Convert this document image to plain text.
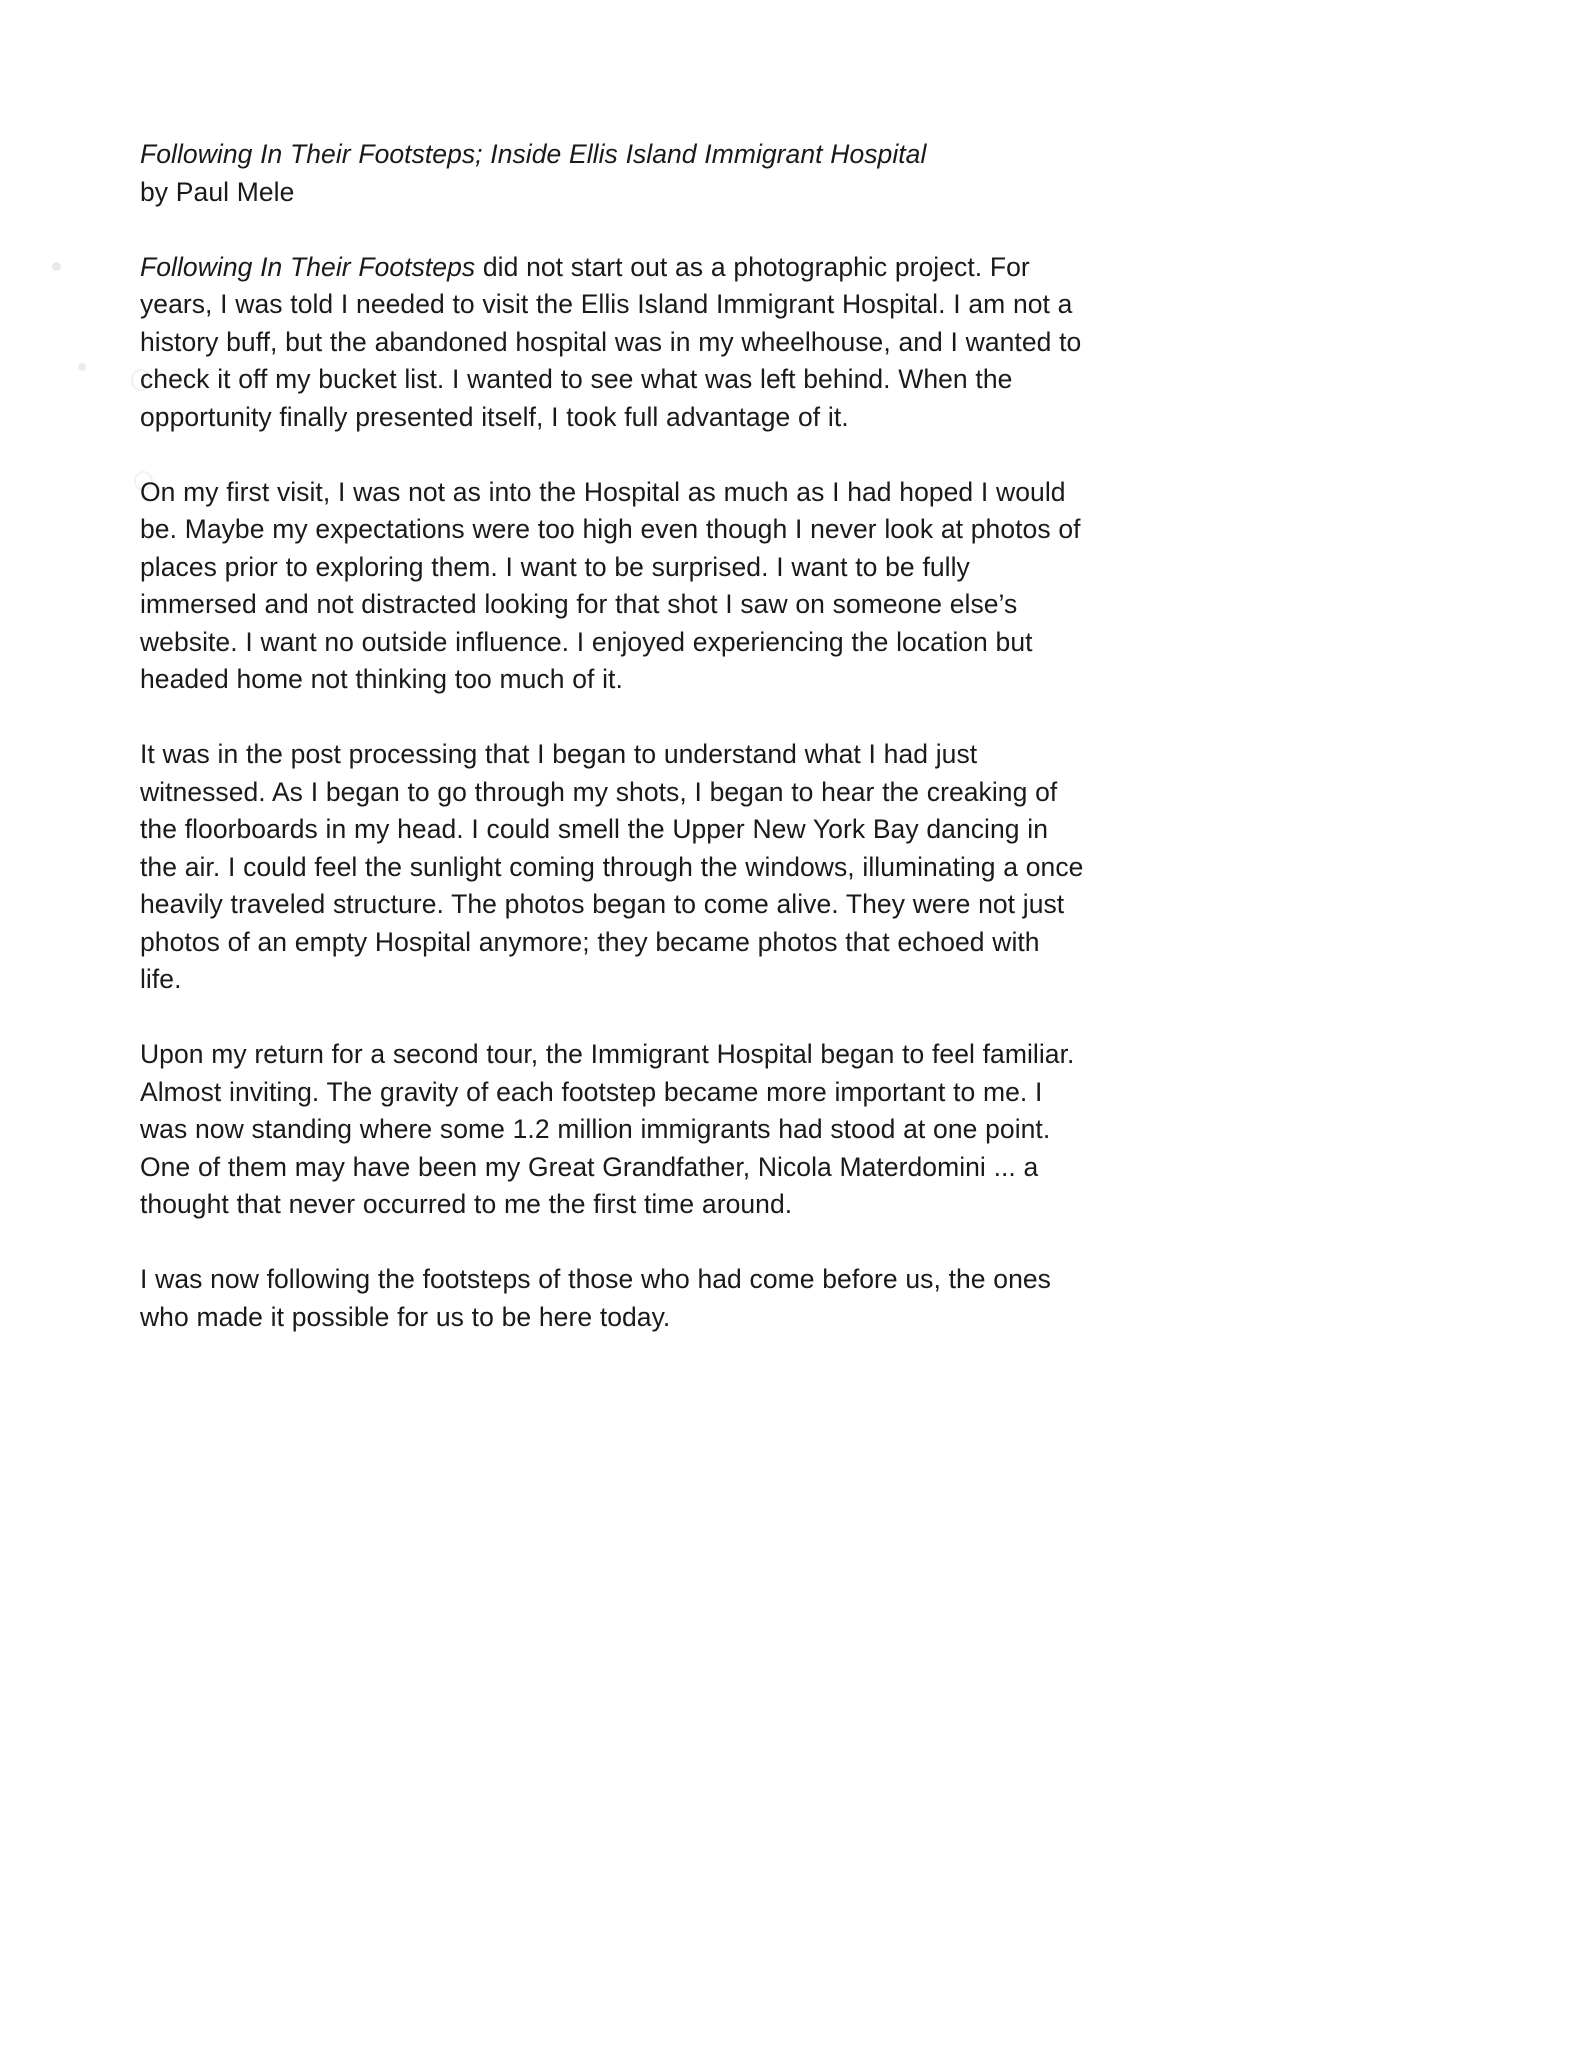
Following In Their Footsteps; Inside Ellis Island Immigrant Hospital
by Paul Mele

Following In Their Footsteps did not start out as a photographic project. For years, I was told I needed to visit the Ellis Island Immigrant Hospital. I am not a history buff, but the abandoned hospital was in my wheelhouse, and I wanted to check it off my bucket list. I wanted to see what was left behind. When the opportunity finally presented itself, I took full advantage of it.

On my first visit, I was not as into the Hospital as much as I had hoped I would be. Maybe my expectations were too high even though I never look at photos of places prior to exploring them. I want to be surprised. I want to be fully immersed and not distracted looking for that shot I saw on someone else’s website. I want no outside influence. I enjoyed experiencing the location but headed home not thinking too much of it.

It was in the post processing that I began to understand what I had just witnessed. As I began to go through my shots, I began to hear the creaking of the floorboards in my head. I could smell the Upper New York Bay dancing in the air. I could feel the sunlight coming through the windows, illuminating a once heavily traveled structure. The photos began to come alive. They were not just photos of an empty Hospital anymore; they became photos that echoed with life.

Upon my return for a second tour, the Immigrant Hospital began to feel familiar. Almost inviting. The gravity of each footstep became more important to me. I was now standing where some 1.2 million immigrants had stood at one point. One of them may have been my Great Grandfather, Nicola Materdomini ... a thought that never occurred to me the first time around.

I was now following the footsteps of those who had come before us, the ones who made it possible for us to be here today.
